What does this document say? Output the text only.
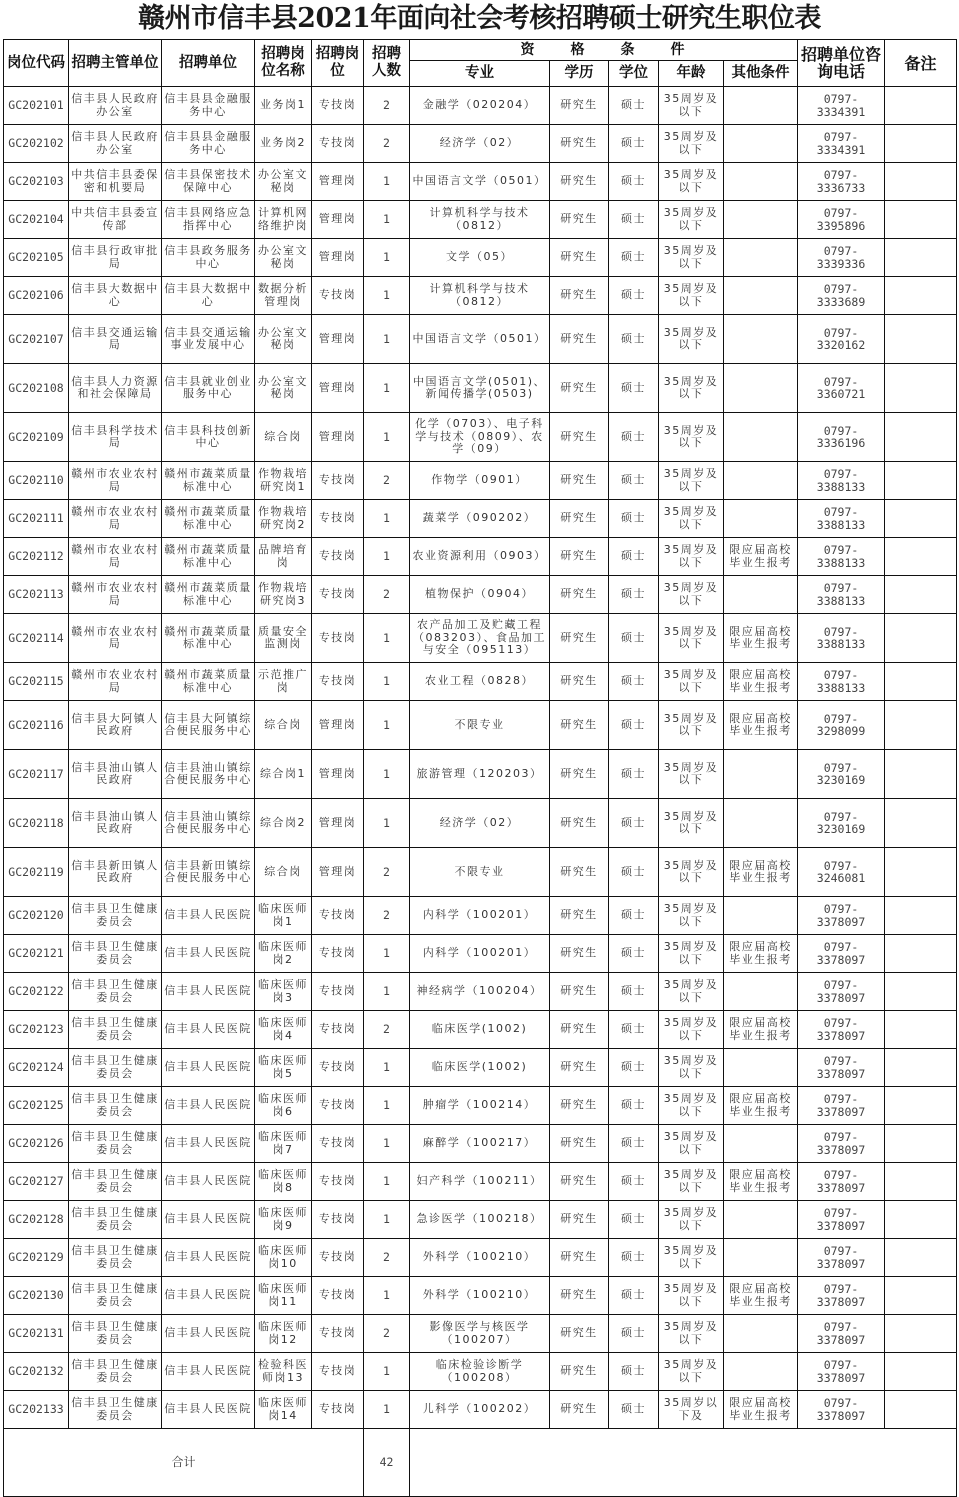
赣州市信丰县2021年面向社会考核招聘硕士研究生职位表
岗位代码	招聘主管单位	招聘单位	招聘岗位名称	招聘岗位	招聘人数	资格条件					招聘单位咨询电话	备注
						专业	学历	学位	年龄	其他条件		
GC202101	信丰县人民政府办公室	信丰县县金融服务中心	业务岗1	专技岗	2	金融学（020204）	研究生	硕士	35周岁及以下		0797-3334391	
GC202102	信丰县人民政府办公室	信丰县县金融服务中心	业务岗2	专技岗	2	经济学（02）	研究生	硕士	35周岁及以下		0797-3334391	
GC202103	中共信丰县委保密和机要局	信丰县保密技术保障中心	办公室文秘岗	管理岗	1	中国语言文学（0501）	研究生	硕士	35周岁及以下		0797-3336733	
GC202104	中共信丰县委宣传部	信丰县网络应急指挥中心	计算机网络维护岗	管理岗	1	计算机科学与技术（0812）	研究生	硕士	35周岁及以下		0797-3395896	
GC202105	信丰县行政审批局	信丰县政务服务中心	办公室文秘岗	管理岗	1	文学（05）	研究生	硕士	35周岁及以下		0797-3339336	
GC202106	信丰县大数据中心	信丰县大数据中心	数据分析管理岗	专技岗	1	计算机科学与技术（0812）	研究生	硕士	35周岁及以下		0797-3333689	
GC202107	信丰县交通运输局	信丰县交通运输事业发展中心	办公室文秘岗	管理岗	1	中国语言文学（0501）	研究生	硕士	35周岁及以下		0797-3320162	
GC202108	信丰县人力资源和社会保障局	信丰县就业创业服务中心	办公室文秘岗	管理岗	1	中国语言文学(0501)、新闻传播学(0503)	研究生	硕士	35周岁及以下		0797-3360721	
GC202109	信丰县科学技术局	信丰县科技创新中心	综合岗	管理岗	1	化学（0703）、电子科学与技术（0809）、农学（09）	研究生	硕士	35周岁及以下		0797-3336196	
GC202110	赣州市农业农村局	赣州市蔬菜质量标准中心	作物栽培研究岗1	专技岗	2	作物学（0901）	研究生	硕士	35周岁及以下		0797-3388133	
GC202111	赣州市农业农村局	赣州市蔬菜质量标准中心	作物栽培研究岗2	专技岗	1	蔬菜学（090202）	研究生	硕士	35周岁及以下		0797-3388133	
GC202112	赣州市农业农村局	赣州市蔬菜质量标准中心	品牌培育岗	专技岗	1	农业资源利用（0903）	研究生	硕士	35周岁及以下	限应届高校毕业生报考	0797-3388133	
GC202113	赣州市农业农村局	赣州市蔬菜质量标准中心	作物栽培研究岗3	专技岗	2	植物保护（0904）	研究生	硕士	35周岁及以下		0797-3388133	
GC202114	赣州市农业农村局	赣州市蔬菜质量标准中心	质量安全监测岗	专技岗	1	农产品加工及贮藏工程（083203）、食品加工与安全（095113）	研究生	硕士	35周岁及以下	限应届高校毕业生报考	0797-3388133	
GC202115	赣州市农业农村局	赣州市蔬菜质量标准中心	示范推广岗	专技岗	1	农业工程（0828）	研究生	硕士	35周岁及以下	限应届高校毕业生报考	0797-3388133	
GC202116	信丰县大阿镇人民政府	信丰县大阿镇综合便民服务中心	综合岗	管理岗	1	不限专业	研究生	硕士	35周岁及以下	限应届高校毕业生报考	0797-3298099	
GC202117	信丰县油山镇人民政府	信丰县油山镇综合便民服务中心	综合岗1	管理岗	1	旅游管理（120203）	研究生	硕士	35周岁及以下		0797-3230169	
GC202118	信丰县油山镇人民政府	信丰县油山镇综合便民服务中心	综合岗2	管理岗	1	经济学（02）	研究生	硕士	35周岁及以下		0797-3230169	
GC202119	信丰县新田镇人民政府	信丰县新田镇综合便民服务中心	综合岗	管理岗	2	不限专业	研究生	硕士	35周岁及以下	限应届高校毕业生报考	0797-3246081	
GC202120	信丰县卫生健康委员会	信丰县人民医院	临床医师岗1	专技岗	2	内科学（100201）	研究生	硕士	35周岁及以下		0797-3378097	
GC202121	信丰县卫生健康委员会	信丰县人民医院	临床医师岗2	专技岗	1	内科学（100201）	研究生	硕士	35周岁及以下	限应届高校毕业生报考	0797-3378097	
GC202122	信丰县卫生健康委员会	信丰县人民医院	临床医师岗3	专技岗	1	神经病学（100204）	研究生	硕士	35周岁及以下		0797-3378097	
GC202123	信丰县卫生健康委员会	信丰县人民医院	临床医师岗4	专技岗	2	临床医学(1002)	研究生	硕士	35周岁及以下	限应届高校毕业生报考	0797-3378097	
GC202124	信丰县卫生健康委员会	信丰县人民医院	临床医师岗5	专技岗	1	临床医学(1002)	研究生	硕士	35周岁及以下		0797-3378097	
GC202125	信丰县卫生健康委员会	信丰县人民医院	临床医师岗6	专技岗	1	肿瘤学（100214）	研究生	硕士	35周岁及以下	限应届高校毕业生报考	0797-3378097	
GC202126	信丰县卫生健康委员会	信丰县人民医院	临床医师岗7	专技岗	1	麻醉学（100217）	研究生	硕士	35周岁及以下		0797-3378097	
GC202127	信丰县卫生健康委员会	信丰县人民医院	临床医师岗8	专技岗	1	妇产科学（100211）	研究生	硕士	35周岁及以下	限应届高校毕业生报考	0797-3378097	
GC202128	信丰县卫生健康委员会	信丰县人民医院	临床医师岗9	专技岗	1	急诊医学（100218）	研究生	硕士	35周岁及以下		0797-3378097	
GC202129	信丰县卫生健康委员会	信丰县人民医院	临床医师岗10	专技岗	2	外科学（100210）	研究生	硕士	35周岁及以下		0797-3378097	
GC202130	信丰县卫生健康委员会	信丰县人民医院	临床医师岗11	专技岗	1	外科学（100210）	研究生	硕士	35周岁及以下	限应届高校毕业生报考	0797-3378097	
GC202131	信丰县卫生健康委员会	信丰县人民医院	临床医师岗12	专技岗	2	影像医学与核医学（100207）	研究生	硕士	35周岁及以下		0797-3378097	
GC202132	信丰县卫生健康委员会	信丰县人民医院	检验科医师岗13	专技岗	1	临床检验诊断学（100208）	研究生	硕士	35周岁及以下		0797-3378097	
GC202133	信丰县卫生健康委员会	信丰县人民医院	临床医师岗14	专技岗	1	儿科学（100202）	研究生	硕士	35周岁以下及	限应届高校毕业生报考	0797-3378097	
合计					42							
